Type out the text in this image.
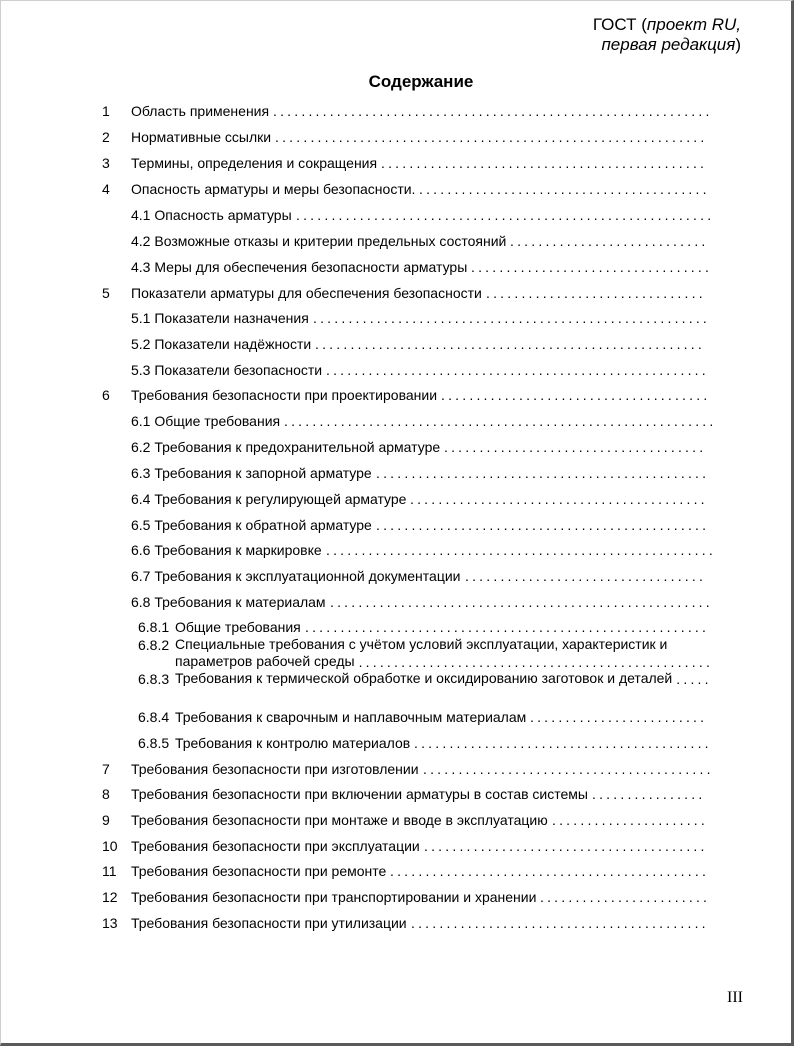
ГОСТ (проект RU,
первая редакция)
Содержание
1 Область применения ..............................................................
2 Нормативные ссылки .............................................................
3 Термины, определения и сокращения ..............................................
4 Опасность арматуры и меры безопасности. .........................................
4.1 Опасность арматуры ...........................................................
4.2 Возможные отказы и критерии предельных состояний ............................
4.3 Меры для обеспечения безопасности арматуры ..................................
5 Показатели арматуры для обеспечения безопасности ...............................
5.1 Показатели назначения ........................................................
5.2 Показатели надёжности .......................................................
5.3 Показатели безопасности ......................................................
6 Требования безопасности при проектировании ......................................
6.1 Общие требования .............................................................
6.2 Требования к предохранительной арматуре .....................................
6.3 Требования к запорной арматуре ...............................................
6.4 Требования к регулирующей арматуре ..........................................
6.5 Требования к обратной арматуре ...............................................
6.6 Требования к маркировке .......................................................
6.7 Требования к эксплуатационной документации ..................................
6.8 Требования к материалам ......................................................
6.8.1 Общие требования .........................................................
6.8.2 Специальные требования с учётом условий эксплуатации, характеристик и параметров рабочей среды ..................................................
6.8.3 Требования к термической обработке и оксидированию заготовок и деталей .....
6.8.4 Требования к сварочным и наплавочным материалам .........................
6.8.5 Требования к контролю материалов ..........................................
7 Требования безопасности при изготовлении .........................................
8 Требования безопасности при включении арматуры в состав системы ................
9 Требования безопасности при монтаже и вводе в эксплуатацию ......................
10 Требования безопасности при эксплуатации ........................................
11 Требования безопасности при ремонте .............................................
12 Требования безопасности при транспортировании и хранении ........................
13 Требования безопасности при утилизации ..........................................
III
